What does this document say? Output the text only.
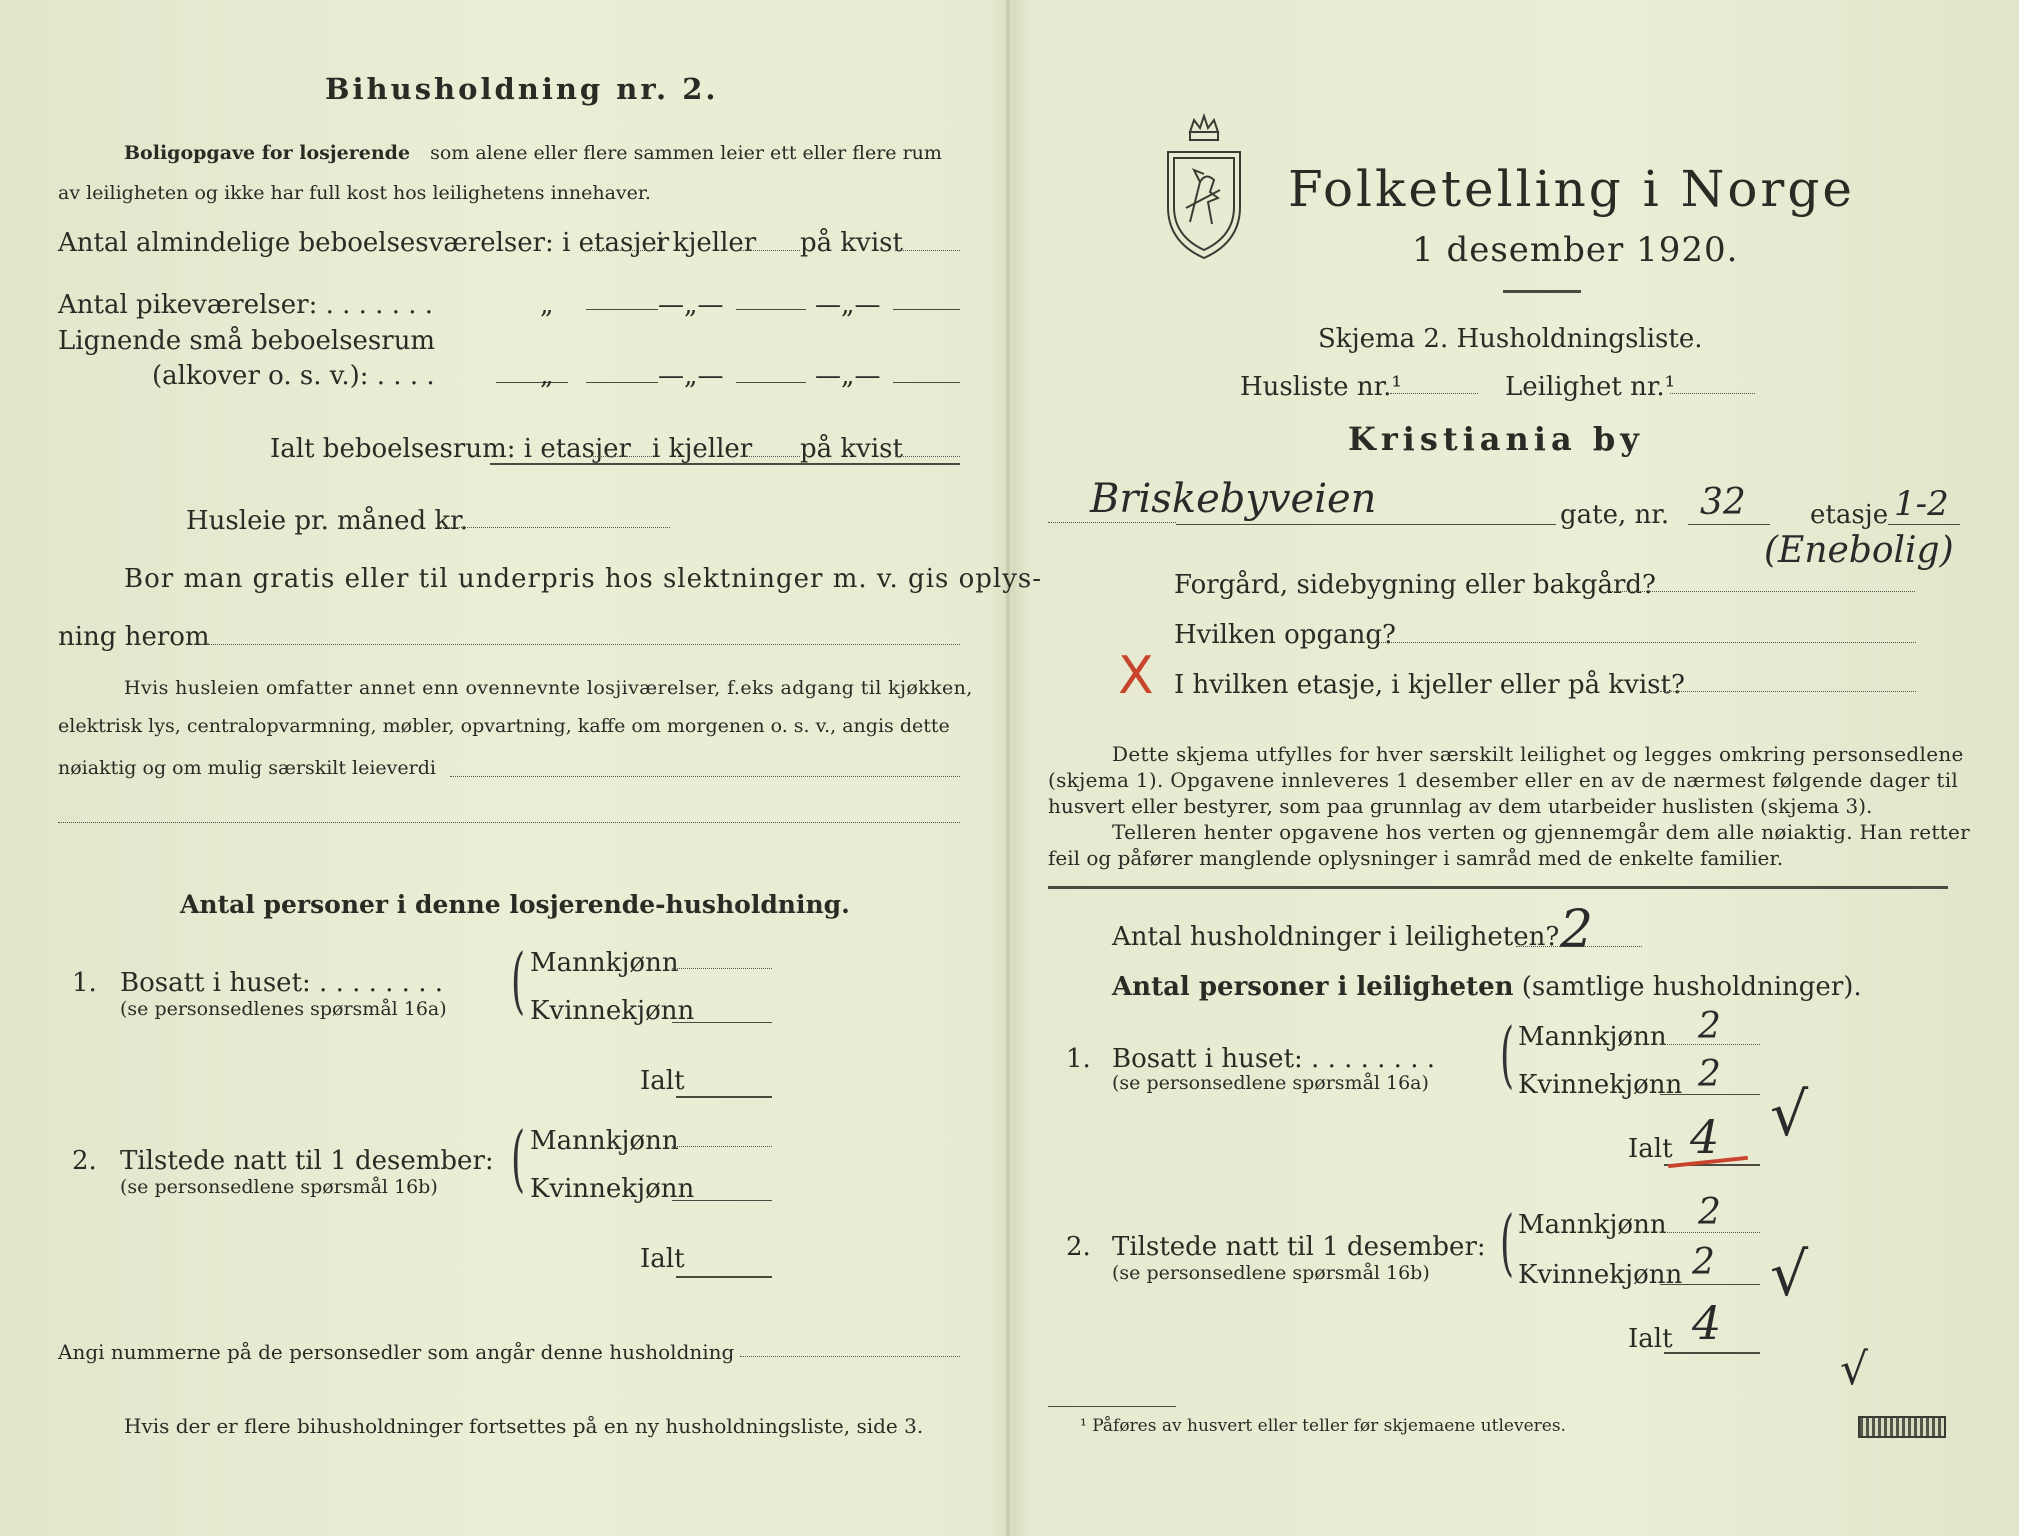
Bihusholdning nr. 2.
Boligopgave for losjerende som alene eller flere sammen leier ett eller flere rum
av leiligheten og ikke har full kost hos leilighetens innehaver.
Antal almindelige beboelsesværelser: i etasjer
i kjeller på kvist
Antal pikeværelser: . . . . . . .	„	—„—	—„—
Lignende små beboelsesrum
(alkover o. s. v.): . . . .	„	—„—	—„—
Ialt beboelsesrum: i etasjer i kjeller på kvist
Husleie pr. måned kr.
Bor man gratis eller til underpris hos slektninger m. v. gis oplys-
ning herom
Hvis husleien omfatter annet enn ovennevnte losjiværelser, f.eks adgang til kjøkken,
elektrisk lys, centralopvarmning, møbler, opvartning, kaffe om morgenen o. s. v., angis dette
nøiaktig og om mulig særskilt leieverdi
Antal personer i denne losjerende-husholdning.
1. Bosatt i huset: . . . . . . . .
(se personsedlenes spørsmål 16a) ( Mannkjønn
Kvinnekjønn
Ialt
2. Tilstede natt til 1 desember:
(se personsedlene spørsmål 16b) ( Mannkjønn
Kvinnekjønn
Ialt
Angi nummerne på de personsedler som angår denne husholdning
Hvis der er flere bihusholdninger fortsettes på en ny husholdningsliste, side 3.
Folketelling i Norge
1 desember 1920.
Skjema 2. Husholdningsliste.
Husliste nr.¹	Leilighet nr.¹
Kristiania by
Briskebyveien	gate, nr. 32 etasje 1-2
(Enebolig)
Forgård, sidebygning eller bakgård?
Hvilken opgang?
X I hvilken etasje, i kjeller eller på kvist?
Dette skjema utfylles for hver særskilt leilighet og legges omkring personsedlene
(skjema 1). Opgavene innleveres 1 desember eller en av de nærmest følgende dager til
husvert eller bestyrer, som paa grunnlag av dem utarbeider huslisten (skjema 3).
Telleren henter opgavene hos verten og gjennemgår dem alle nøiaktig. Han retter
feil og påfører manglende oplysninger i samråd med de enkelte familier.
Antal husholdninger i leiligheten? 2
Antal personer i leiligheten (samtlige husholdninger).
1. Bosatt i huset: . . . . . . . .
(se personsedlene spørsmål 16a) ( Mannkjønn 2
Kvinnekjønn 2
Ialt 4 √
2. Tilstede natt til 1 desember:
(se personsedlene spørsmål 16b) ( Mannkjønn 2
Kvinnekjønn 2
Ialt 4
√
√
¹ Påføres av husvert eller teller før skjemaene utleveres.
